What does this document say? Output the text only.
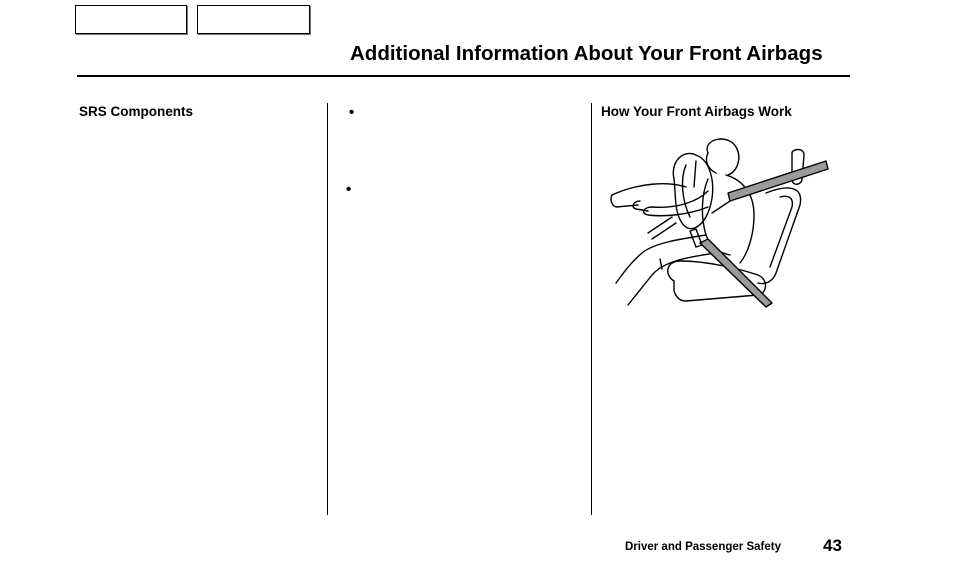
Additional Information About Your Front Airbags
SRS Components	•
•
How Your Front Airbags Work
Driver and Passenger Safety 43
